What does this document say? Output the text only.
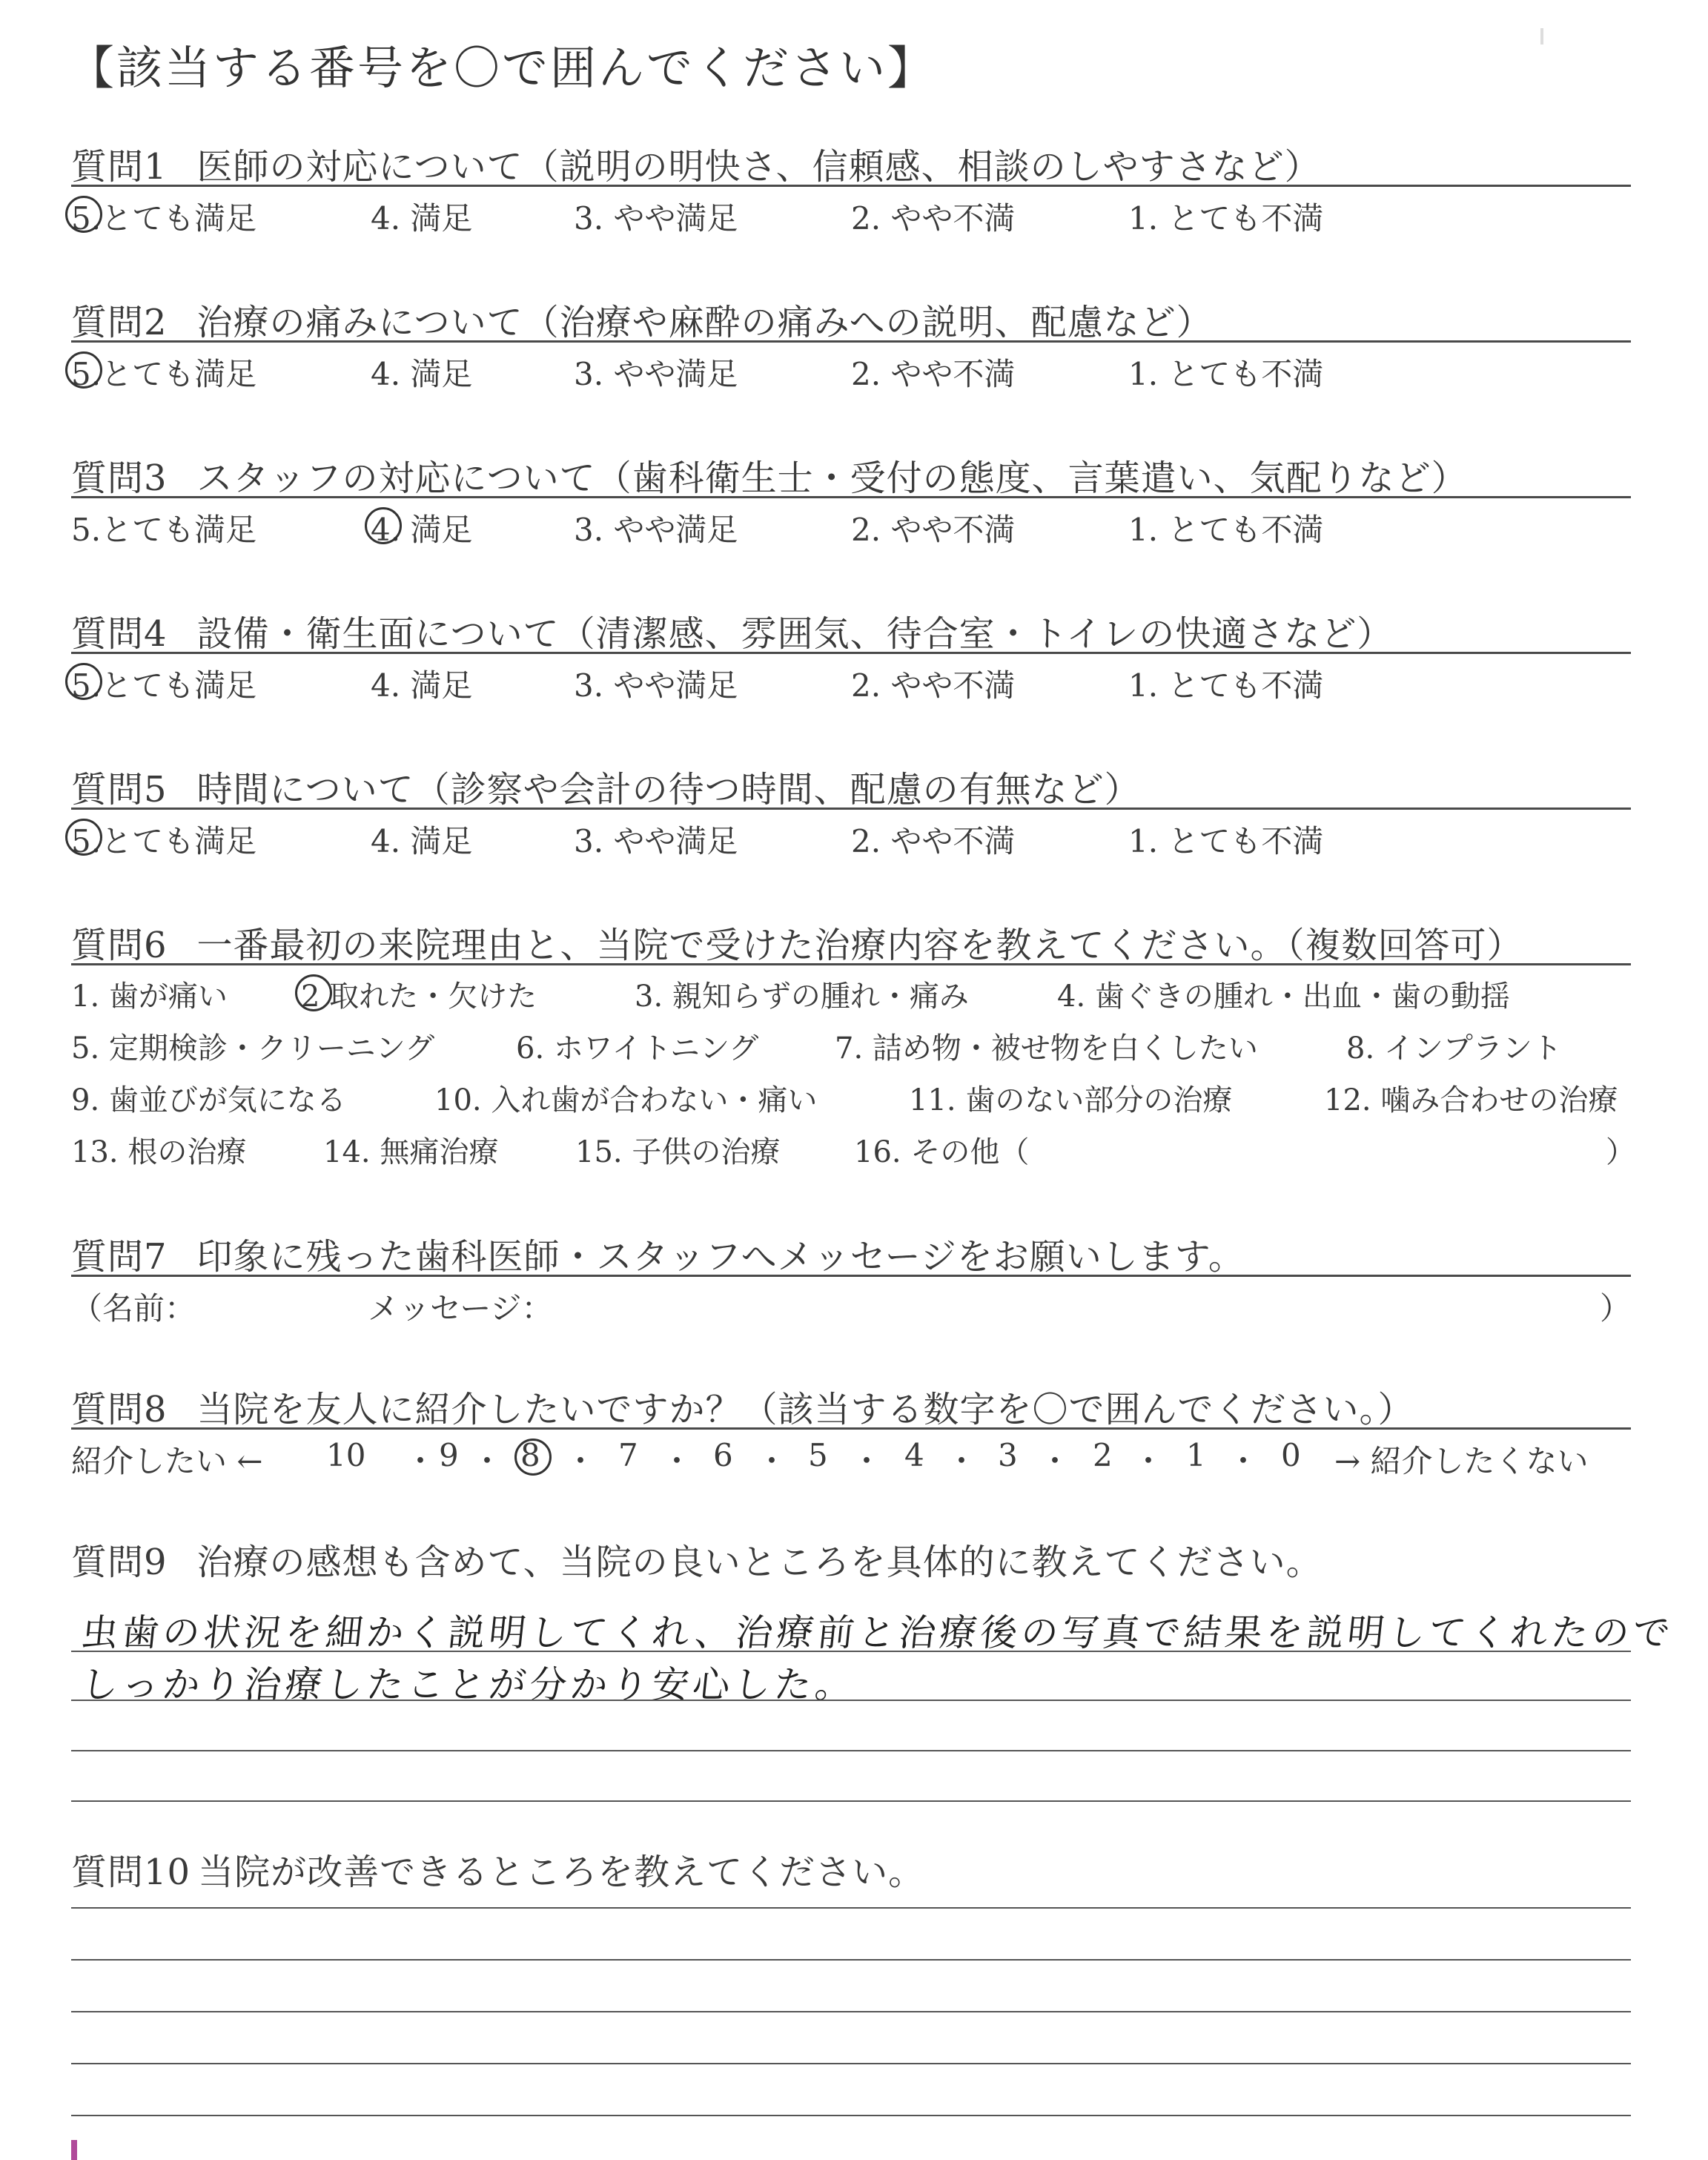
【該当する番号を〇で囲んでください】
質問1 医師の対応について（説明の明快さ、信頼感、相談のしやすさなど）
5.とても満足	4. 満足	3. やや満足	2. やや不満	1. とても不満
質問2 治療の痛みについて（治療や麻酔の痛みへの説明、配慮など）
5.とても満足	4. 満足	3. やや満足	2. やや不満	1. とても不満
質問3 スタッフの対応について（歯科衛生士・受付の態度、言葉遣い、気配りなど）
5.とても満足	4. 満足	3. やや満足	2. やや不満	1. とても不満
質問4 設備・衛生面について（清潔感、雰囲気、待合室・トイレの快適さなど）
5.とても満足	4. 満足	3. やや満足	2. やや不満	1. とても不満
質問5 時間について（診察や会計の待つ時間、配慮の有無など）
5.とても満足	4. 満足	3. やや満足	2. やや不満	1. とても不満
質問6 一番最初の来院理由と、当院で受けた治療内容を教えてください。（複数回答可）
1. 歯が痛い 2 取れた・欠けた	3. 親知らずの腫れ・痛み	4. 歯ぐきの腫れ・出血・歯の動揺
5. 定期検診・クリーニング	6. ホワイトニング	7. 詰め物・被せ物を白くしたい	8. インプラント
9. 歯並びが気になる	10. 入れ歯が合わない・痛い	11. 歯のない部分の治療	12. 噛み合わせの治療
13. 根の治療	14. 無痛治療	15. 子供の治療 16. その他（	）
質問7 印象に残った歯科医師・スタッフへメッセージをお願いします。
（名前：	メッセージ：	）
質問8 当院を友人に紹介したいですか？（該当する数字を〇で囲んでください。）
紹介したい ← 10 ・ 9 ・ 8 ・ 7 ・ 6 ・ 5 ・ 4 ・ 3 ・ 2 ・ 1 ・ 0 → 紹介したくない
質問9 治療の感想も含めて、当院の良いところを具体的に教えてください。
虫歯の状況を細かく説明してくれ、治療前と治療後の写真で結果を説明してくれたので
しっかり治療したことが分かり安心した。
質問10 当院が改善できるところを教えてください。
